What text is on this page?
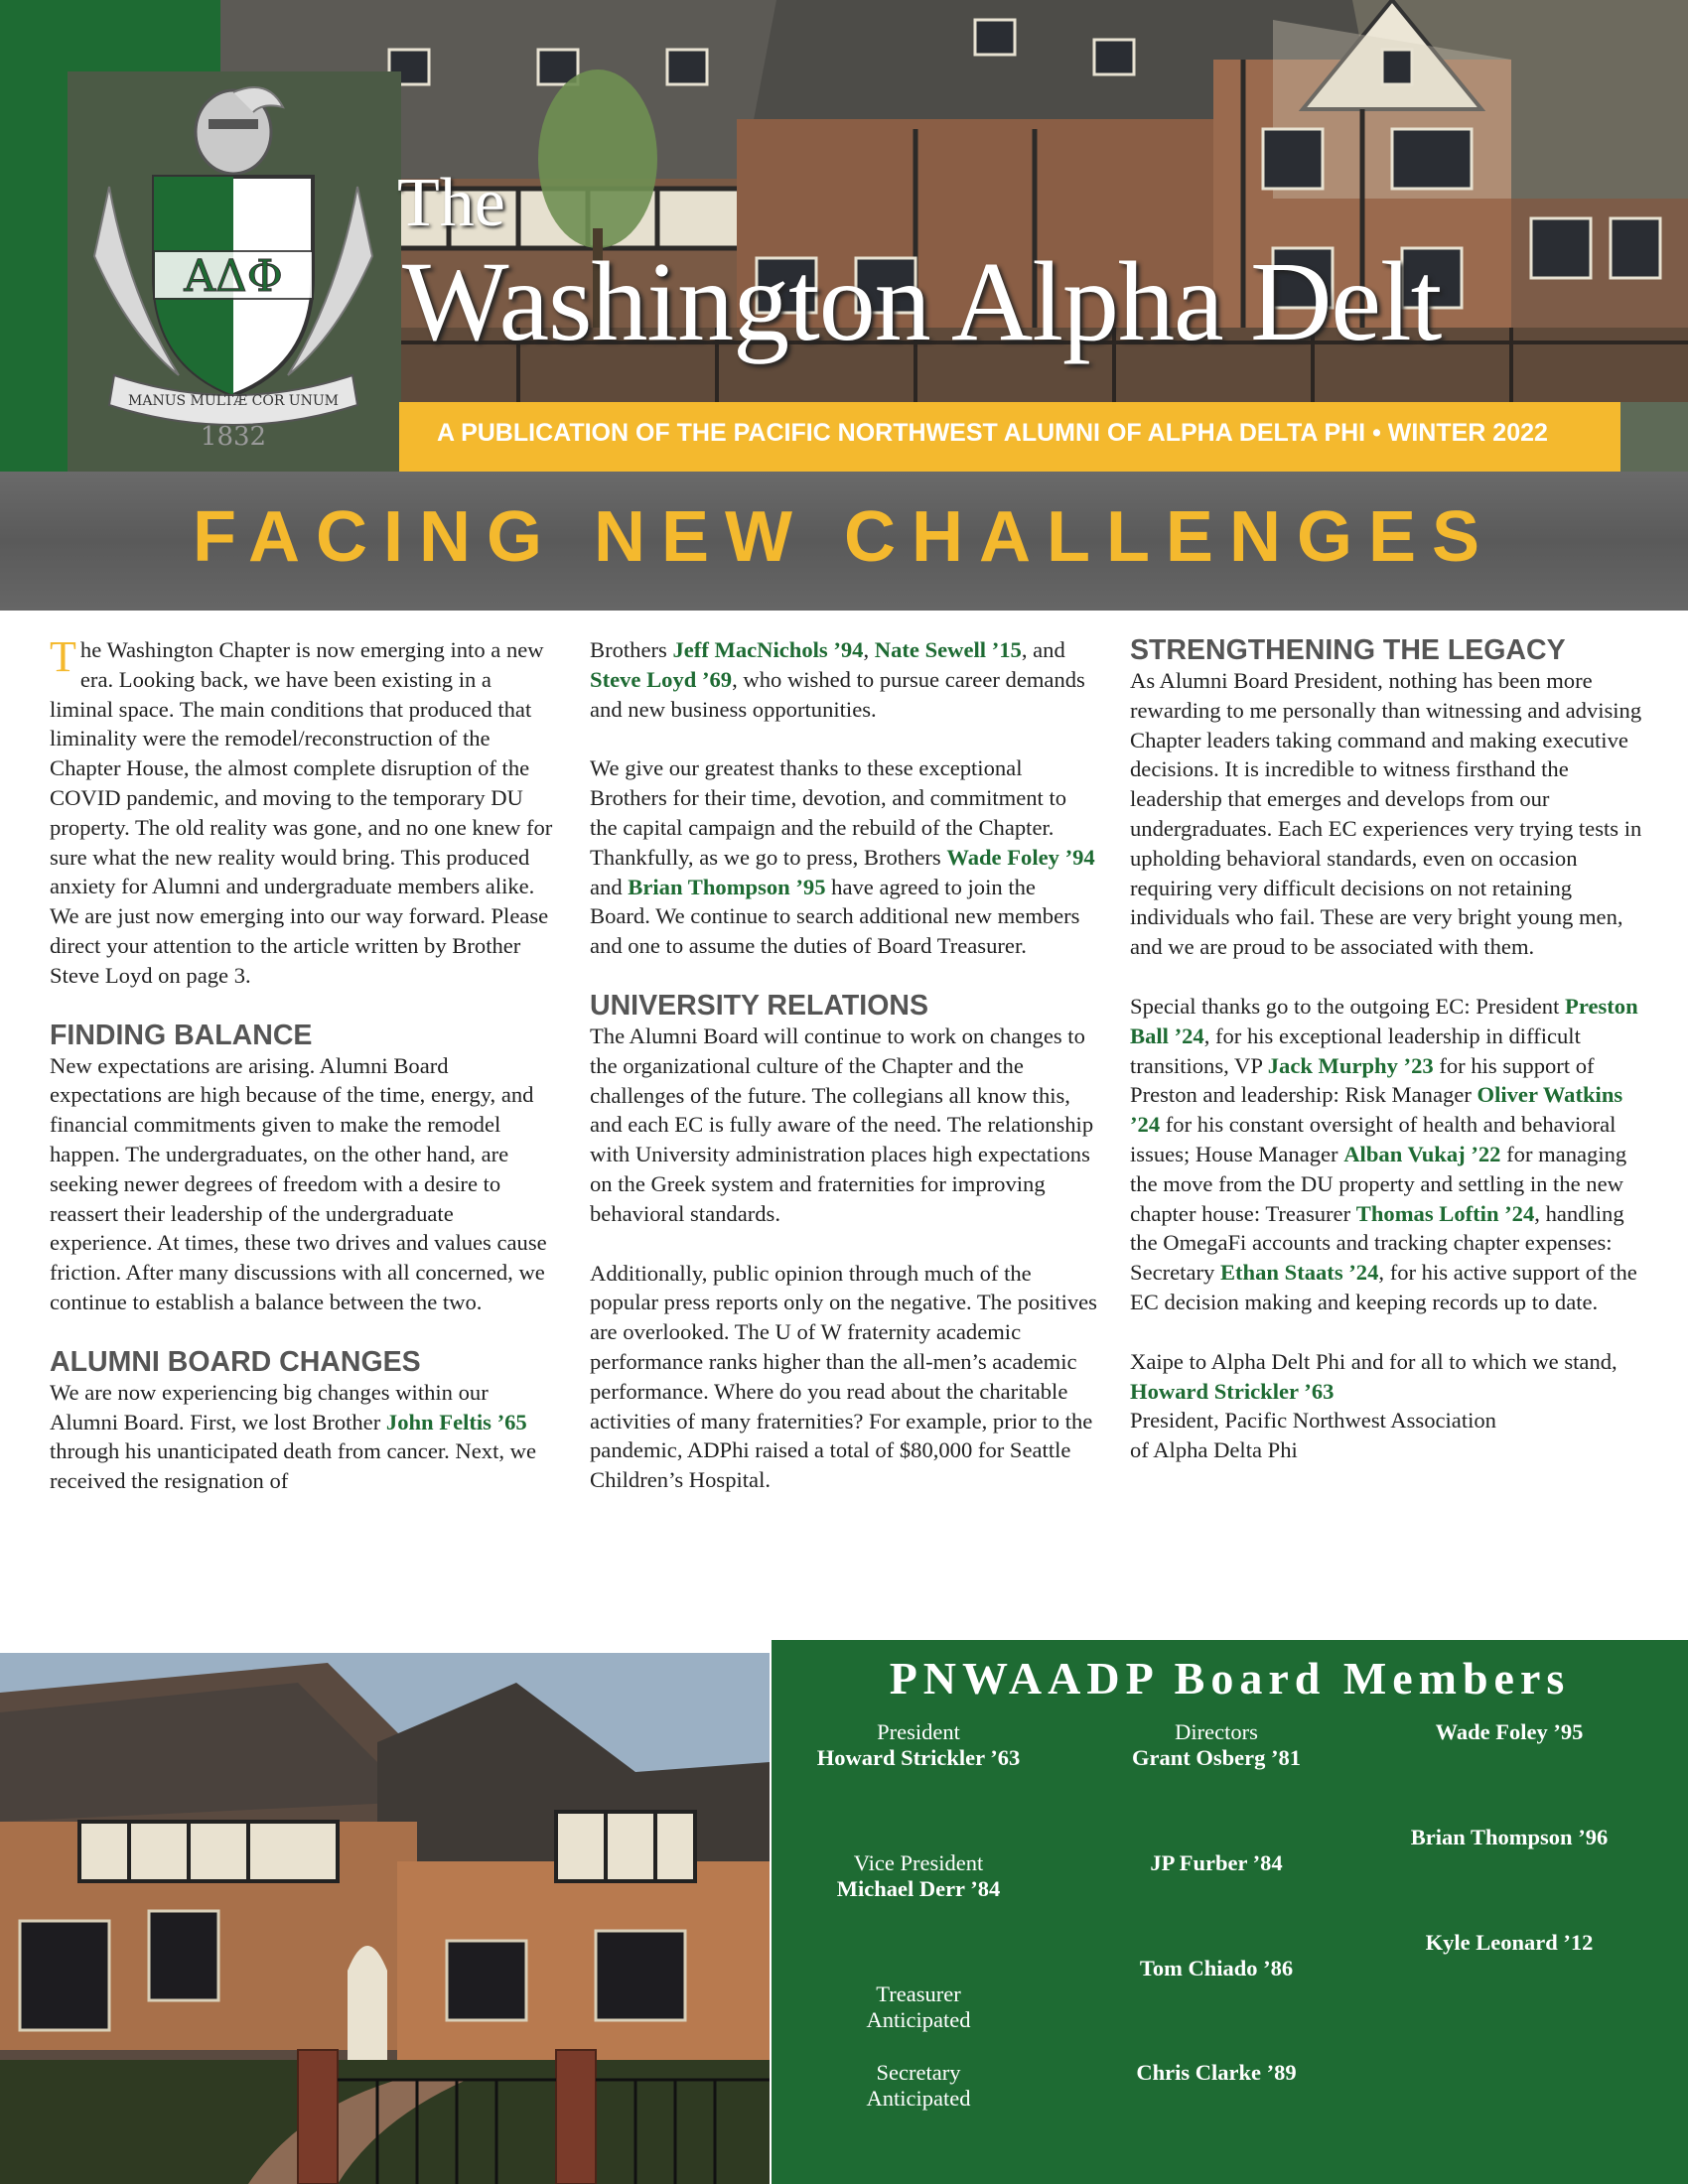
ΑΔΦ
MANUS MULTÆ COR UNUM
1832
The
Washington Alpha Delt
A PUBLICATION OF THE PACIFIC NORTHWEST ALUMNI OF ALPHA DELTA PHI • WINTER 2022
FACING NEW CHALLENGES

The Washington Chapter is now emerging into a new era. Looking back, we have been existing in a liminal space. The main conditions that produced that liminality were the remodel/reconstruction of the Chapter House, the almost complete disruption of the COVID pandemic, and moving to the temporary DU property. The old reality was gone, and no one knew for sure what the new reality would bring. This produced anxiety for Alumni and undergraduate members alike. We are just now emerging into our way forward. Please direct your attention to the article written by Brother Steve Loyd on page 3.

FINDING BALANCE

New expectations are arising. Alumni Board expectations are high because of the time, energy, and financial commitments given to make the remodel happen. The undergraduates, on the other hand, are seeking newer degrees of freedom with a desire to reassert their leadership of the undergraduate experience. At times, these two drives and values cause friction. After many discussions with all concerned, we continue to establish a balance between the two.

ALUMNI BOARD CHANGES

We are now experiencing big changes within our Alumni Board. First, we lost Brother John Feltis ’65 through his unanticipated death from cancer. Next, we received the resignation of

Brothers Jeff MacNichols ’94, Nate Sewell ’15, and Steve Loyd ’69, who wished to pursue career demands and new business opportunities.

We give our greatest thanks to these exceptional Brothers for their time, devotion, and commitment to the capital campaign and the rebuild of the Chapter. Thankfully, as we go to press, Brothers Wade Foley ’94 and Brian Thompson ’95 have agreed to join the Board. We continue to search additional new members and one to assume the duties of Board Treasurer.

UNIVERSITY RELATIONS

The Alumni Board will continue to work on changes to the organizational culture of the Chapter and the challenges of the future. The collegians all know this, and each EC is fully aware of the need. The relationship with University administration places high expectations on the Greek system and fraternities for improving behavioral standards.

Additionally, public opinion through much of the popular press reports only on the negative. The positives are overlooked. The U of W fraternity academic performance ranks higher than the all-men’s academic performance. Where do you read about the charitable activities of many fraternities? For example, prior to the pandemic, ADPhi raised a total of $80,000 for Seattle Children’s Hospital.

STRENGTHENING THE LEGACY

As Alumni Board President, nothing has been more rewarding to me personally than witnessing and advising Chapter leaders taking command and making executive decisions. It is incredible to witness firsthand the leadership that emerges and develops from our undergraduates. Each EC experiences very trying tests in upholding behavioral standards, even on occasion requiring very difficult decisions on not retaining individuals who fail. These are very bright young men, and we are proud to be associated with them.

Special thanks go to the outgoing EC: President Preston Ball ’24, for his exceptional leadership in difficult transitions, VP Jack Murphy ’23 for his support of Preston and leadership: Risk Manager Oliver Watkins ’24 for his constant oversight of health and behavioral issues; House Manager Alban Vukaj ’22 for managing the move from the DU property and settling in the new chapter house: Treasurer Thomas Loftin ’24, handling the OmegaFi accounts and tracking chapter expenses: Secretary Ethan Staats ’24, for his active support of the EC decision making and keeping records up to date.

Xaipe to Alpha Delt Phi and for all to which we stand,

Howard Strickler ’63

President, Pacific Northwest Association

of Alpha Delta Phi

PNWAADP Board Members
President
Howard Strickler ’63
Vice President
Michael Derr ’84
Treasurer
Anticipated
Secretary
Anticipated
Directors
Grant Osberg ’81
JP Furber ’84
Tom Chiado ’86
Chris Clarke ’89
Wade Foley ’95
Brian Thompson ’96
Kyle Leonard ’12
